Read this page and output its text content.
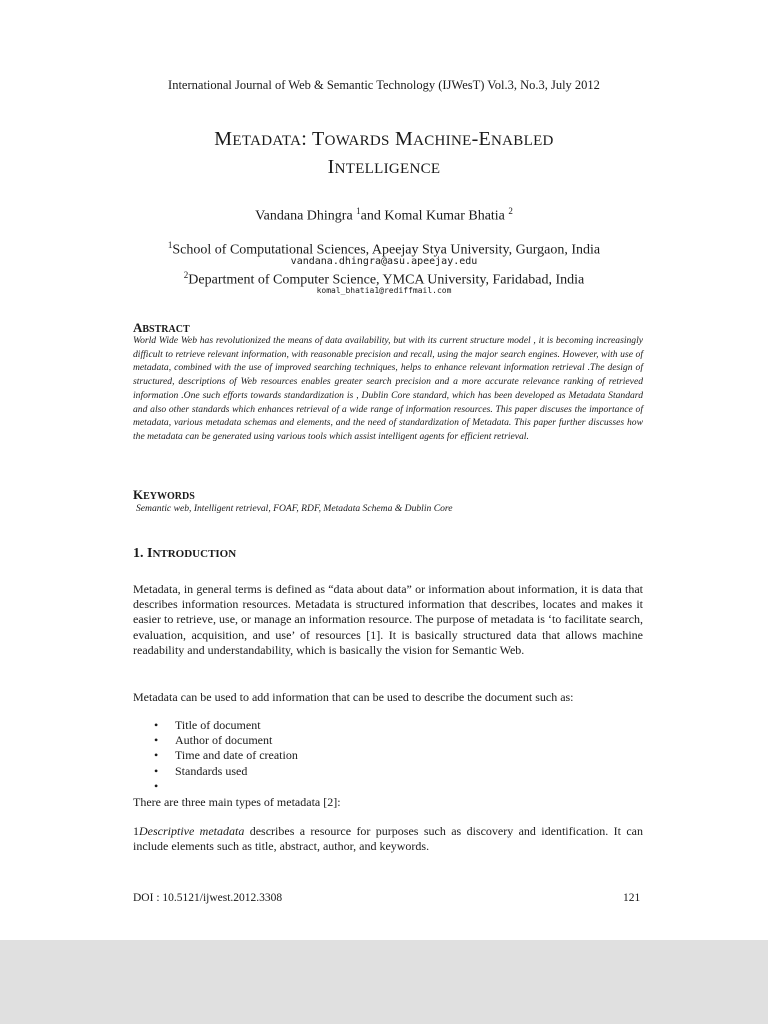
International Journal of Web & Semantic Technology (IJWesT) Vol.3, No.3, July 2012
METADATA: TOWARDS MACHINE-ENABLED
INTELLIGENCE
Vandana Dhingra $^1$and Komal Kumar Bhatia $^2$
$^1$School of Computational Sciences, Apeejay Stya University, Gurgaon, India
vandana.dhingra@asu.apeejay.edu
$^2$Department of Computer Science, YMCA University, Faridabad, India
komal_bhatia1@rediffmail.com
ABSTRACT
World Wide Web has revolutionized the means of data availability, but with its current structure model , it is becoming increasingly difficult to retrieve relevant information, with reasonable precision and recall, using the major search engines. However, with use of metadata, combined with the use of improved searching techniques, helps to enhance relevant information retrieval .The design of structured, descriptions of Web resources enables greater search precision and a more accurate relevance ranking of retrieved information .One such efforts towards standardization is , Dublin Core standard, which has been developed as Metadata Standard and also other standards which enhances retrieval of a wide range of information resources. This paper discuses the importance of metadata, various metadata schemas and elements, and the need of standardization of Metadata. This paper further discusses how the metadata can be generated using various tools which assist intelligent agents for efficient retrieval.
KEYWORDS
Semantic web, Intelligent retrieval, FOAF, RDF, Metadata Schema & Dublin Core
1. INTRODUCTION
Metadata, in general terms is defined as “data about data” or information about information, it is data that describes information resources. Metadata is structured information that describes, locates and makes it easier to retrieve, use, or manage an information resource. The purpose of metadata is ‘to facilitate search, evaluation, acquisition, and use’ of resources [1]. It is basically structured data that allows machine readability and understandability, which is basically the vision for Semantic Web.
Metadata can be used to add information that can be used to describe the document such as:
• Title of document
• Author of document
• Time and date of creation
• Standards used
•
There are three main types of metadata [2]:
1Descriptive metadata describes a resource for purposes such as discovery and identification. It can include elements such as title, abstract, author, and keywords.
DOI : 10.5121/ijwest.2012.3308	121
